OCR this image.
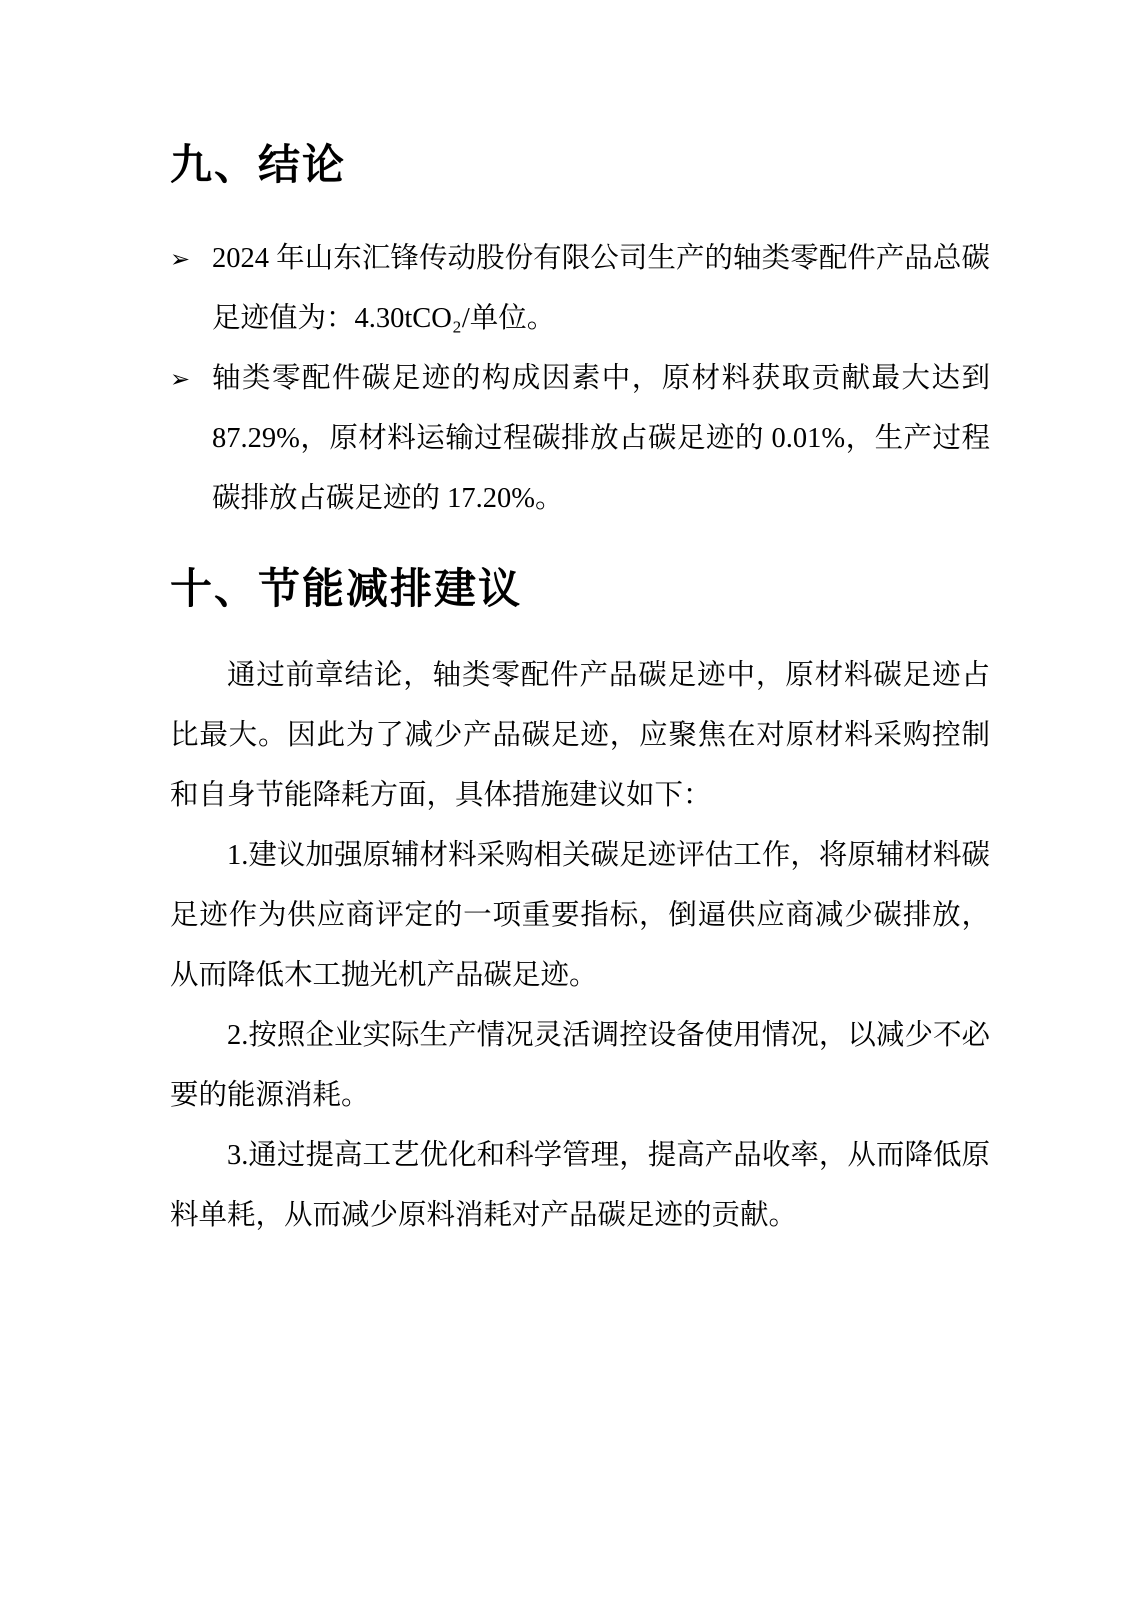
九、结论
➢ 2024 年山东汇锋传动股份有限公司生产的轴类零配件产品总碳足迹值为：4.30tCO₂/单位。
➢ 轴类零配件碳足迹的构成因素中，原材料获取贡献最大达到 87.29%，原材料运输过程碳排放占碳足迹的 0.01%，生产过程碳排放占碳足迹的 17.20%。
十、节能减排建议

通过前章结论，轴类零配件产品碳足迹中，原材料碳足迹占比最大。因此为了减少产品碳足迹，应聚焦在对原材料采购控制和自身节能降耗方面，具体措施建议如下：

1.建议加强原辅材料采购相关碳足迹评估工作，将原辅材料碳足迹作为供应商评定的一项重要指标，倒逼供应商减少碳排放，从而降低木工抛光机产品碳足迹。

2.按照企业实际生产情况灵活调控设备使用情况，以减少不必要的能源消耗。

3.通过提高工艺优化和科学管理，提高产品收率，从而降低原料单耗，从而减少原料消耗对产品碳足迹的贡献。
